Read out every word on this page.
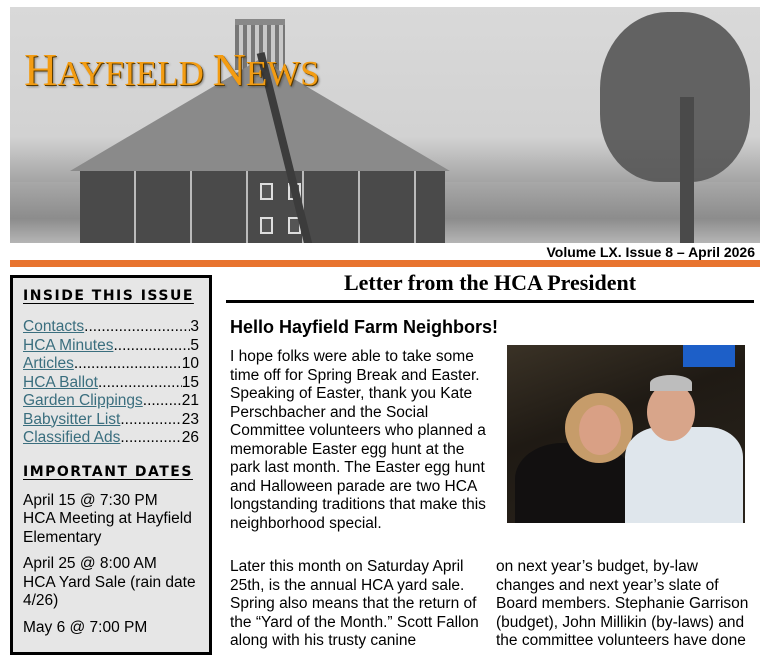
HAYFIELD NEWS
Volume LX. Issue 8 – April 2026

INSIDE THIS ISSUE

Contacts .....	3
HCA Minutes .....	5
Articles .....	10
HCA Ballot .....	15
Garden Clippings .....	21
Babysitter List .....	23
Classified Ads .....	26

IMPORTANT DATES

April 15 @ 7:30 PM
HCA Meeting at Hayfield Elementary
April 25 @ 8:00 AM
HCA Yard Sale (rain date 4/26)
May 6 @ 7:00 PM
Letter from the HCA President
Hello Hayfield Farm Neighbors!
I hope folks were able to take some time off for Spring Break and Easter. Speaking of Easter, thank you Kate Perschbacher and the Social Committee volunteers who planned a memorable Easter egg hunt at the park last month. The Easter egg hunt and Halloween parade are two HCA longstanding traditions that make this neighborhood special.
Later this month on Saturday April 25th, is the annual HCA yard sale. Spring also means that the return of the “Yard of the Month.” Scott Fallon along with his trusty canine
on next year’s budget, by-law changes and next year’s slate of Board members. Stephanie Garrison (budget), John Millikin (by-laws) and the committee volunteers have done
